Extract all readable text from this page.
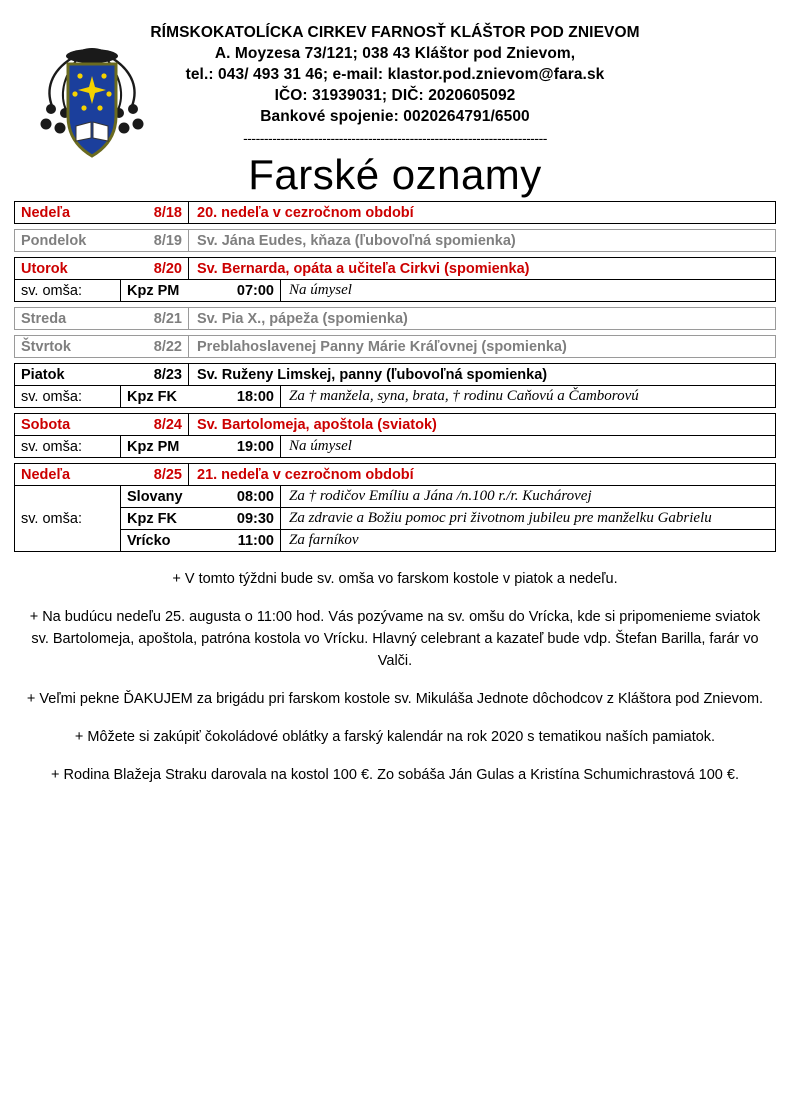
RÍMSKOKATOLÍCKA CIRKEV FARNOSŤ KLÁŠTOR POD ZNIEVOM
A. Moyzesa 73/121; 038 43 Kláštor pod Znievom,
tel.: 043/ 493 31 46; e-mail: klastor.pod.znievom@fara.sk
IČO: 31939031; DIČ: 2020605092
Bankové spojenie: 0020264791/6500
-------------------------------------------------------------------------
Farské oznamy
Nedeľa	8/18	20. nedeľa v cezročnom období
Pondelok	8/19	Sv. Jána Eudes, kňaza (ľubovoľná spomienka)
Utorok	8/20	Sv. Bernarda, opáta a učiteľa Cirkvi (spomienka)
sv. omša:	Kpz PM	07:00	Na úmysel
Streda	8/21	Sv. Pia X., pápeža (spomienka)
Štvrtok	8/22	Preblahoslavenej Panny Márie Kráľovnej (spomienka)
Piatok	8/23	Sv. Ruženy Limskej, panny (ľubovoľná spomienka)
sv. omša:	Kpz FK	18:00	Za † manžela, syna, brata, † rodinu Caňovú a Čamborovú
Sobota	8/24	Sv. Bartolomeja, apoštola (sviatok)
sv. omša:	Kpz PM	19:00	Na úmysel
Nedeľa	8/25	21. nedeľa v cezročnom období
sv. omša:
Slovany	08:00	Za † rodičov Emíliu a Jána /n.100 r./r. Kuchárovej
Kpz FK	09:30	Za zdravie a Božiu pomoc pri životnom jubileu pre manželku Gabrielu
Vrícko	11:00	Za farníkov
+ V tomto týždni bude sv. omša vo farskom kostole v piatok a nedeľu.
+ Na budúcu nedeľu 25. augusta o 11:00 hod. Vás pozývame na sv. omšu do Vrícka, kde si pripomenieme sviatok sv. Bartolomeja, apoštola, patróna kostola vo Vrícku. Hlavný celebrant a kazateľ bude vdp. Štefan Barilla, farár vo Valči.
+ Veľmi pekne ĎAKUJEM za brigádu pri farskom kostole sv. Mikuláša Jednote dôchodcov z Kláštora pod Znievom.
+ Môžete si zakúpiť čokoládové oblátky a farský kalendár na rok 2020 s tematikou naších pamiatok.
+ Rodina Blažeja Straku darovala na kostol 100 €. Zo sobáša Ján Gulas a Kristína Schumichrastová 100 €.
